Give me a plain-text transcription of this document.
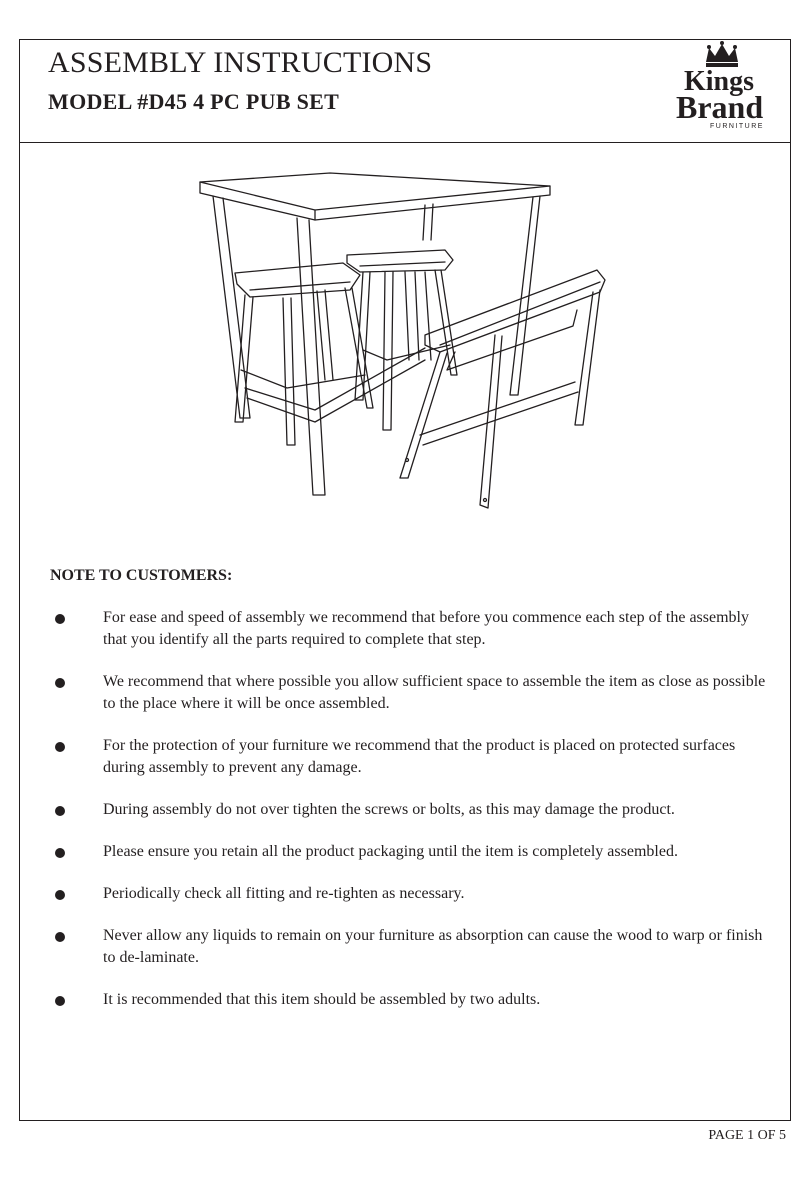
ASSEMBLY INSTRUCTIONS
MODEL #D45 4 PC PUB SET
Kings
Brand
FURNITURE
NOTE TO CUSTOMERS:
For ease and speed of assembly we recommend that before you commence each step of the assembly that you identify all the parts required to complete that step.
We recommend that where possible you allow sufficient space to assemble the item as close as possible to the place where it will be once assembled.
For the protection of your furniture we recommend that the product is placed on protected surfaces during assembly to prevent any damage.
During assembly do not over tighten the screws or bolts, as this may damage the product.
Please ensure you retain all the product packaging until the item is completely assembled.
Periodically check all fitting and re-tighten as necessary.
Never allow any liquids to remain on your furniture as absorption can cause the wood to warp or finish to de-laminate.
It is recommended that this item should be assembled by two adults.
PAGE 1 OF 5
